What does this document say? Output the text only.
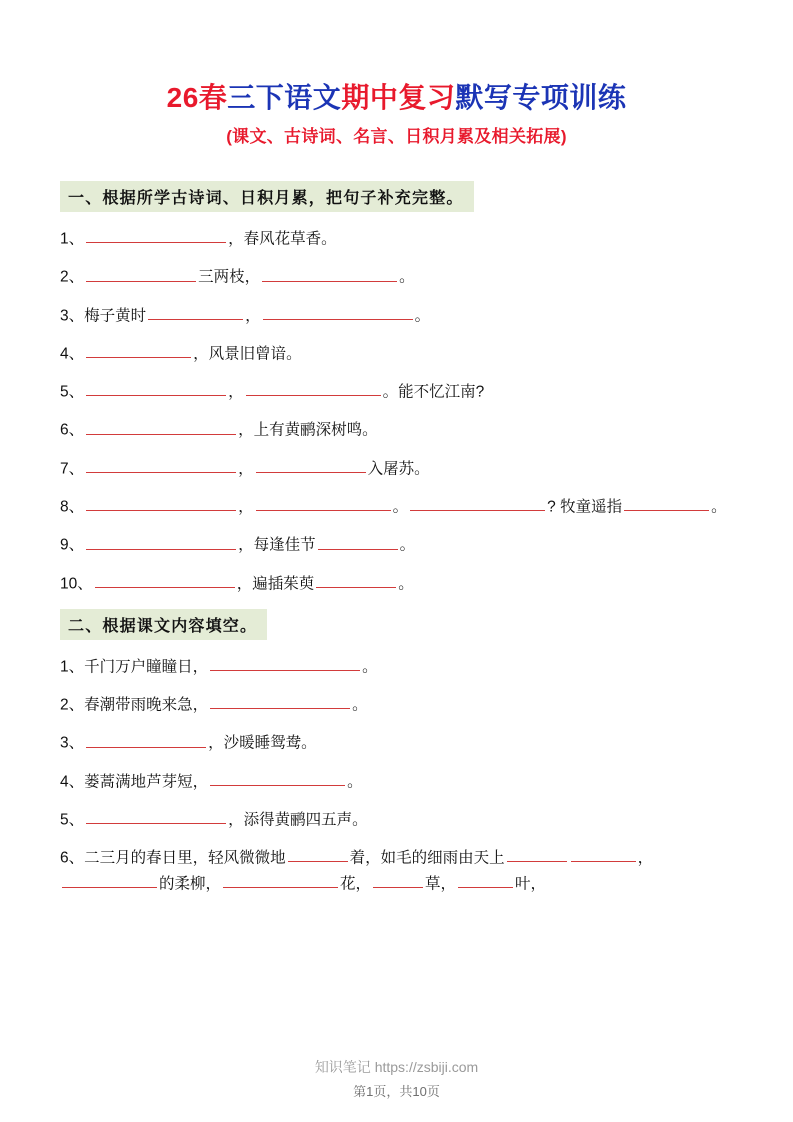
26春三下语文期中复习默写专项训练
(课文、古诗词、名言、日积月累及相关拓展)
一、根据所学古诗词、日积月累，把句子补充完整。
1、	，春风花草香。
2、	三两枝，	。
3、梅子黄时	，	。
4、	，风景旧曾谙。
5、	，	。能不忆江南?
6、	，上有黄鹂深树鸣。
7、	，	入屠苏。
8、	，	。	? 牧童遥指	。
9、	，每逢佳节	。
10、	，遍插茱萸	。
二、根据课文内容填空。
1、千门万户瞳瞳日，	。
2、春潮带雨晚来急，	。
3、	，沙暖睡鸳鸯。
4、蒌蒿满地芦芽短，	。
5、	，添得黄鹂四五声。
6、二三月的春日里，轻风微微地	着，如毛的细雨由天上	，的柔柳，	花，	草，	叶，
知识笔记 https://zsbiji.com
第1页，共10页
